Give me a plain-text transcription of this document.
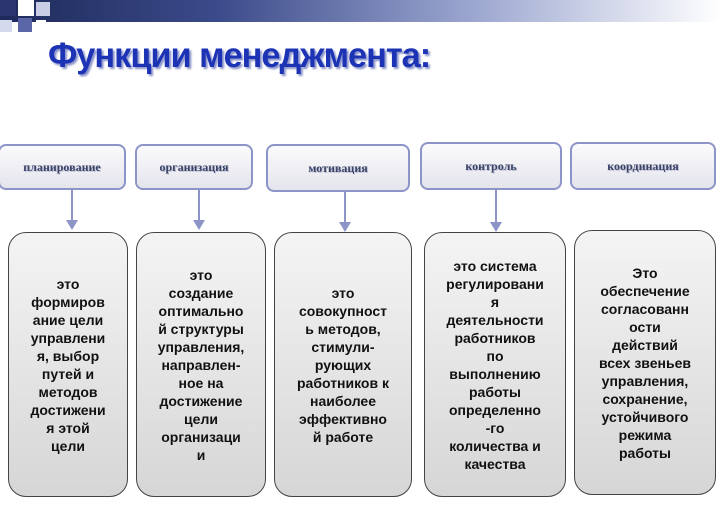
Функции менеджмента:
планирование	организация	мотивация	контроль	координация
это
формиров
ание цели
управлени
я, выбор
путей и
методов
достижени
я этой
цели
это
создание
оптимально
й структуры
управления,
направлен-
ное на
достижение
цели
организаци
и
это
совокупност
ь методов,
стимули-
рующих
работников к
наиболее
эффективно
й работе
это система
регулировани
я
деятельности
работников
по
выполнению
работы
определенно
-го
количества и
качества
Это
обеспечение
согласованн
ости
действий
всех звеньев
управления,
сохранение,
устойчивого
режима
работы
